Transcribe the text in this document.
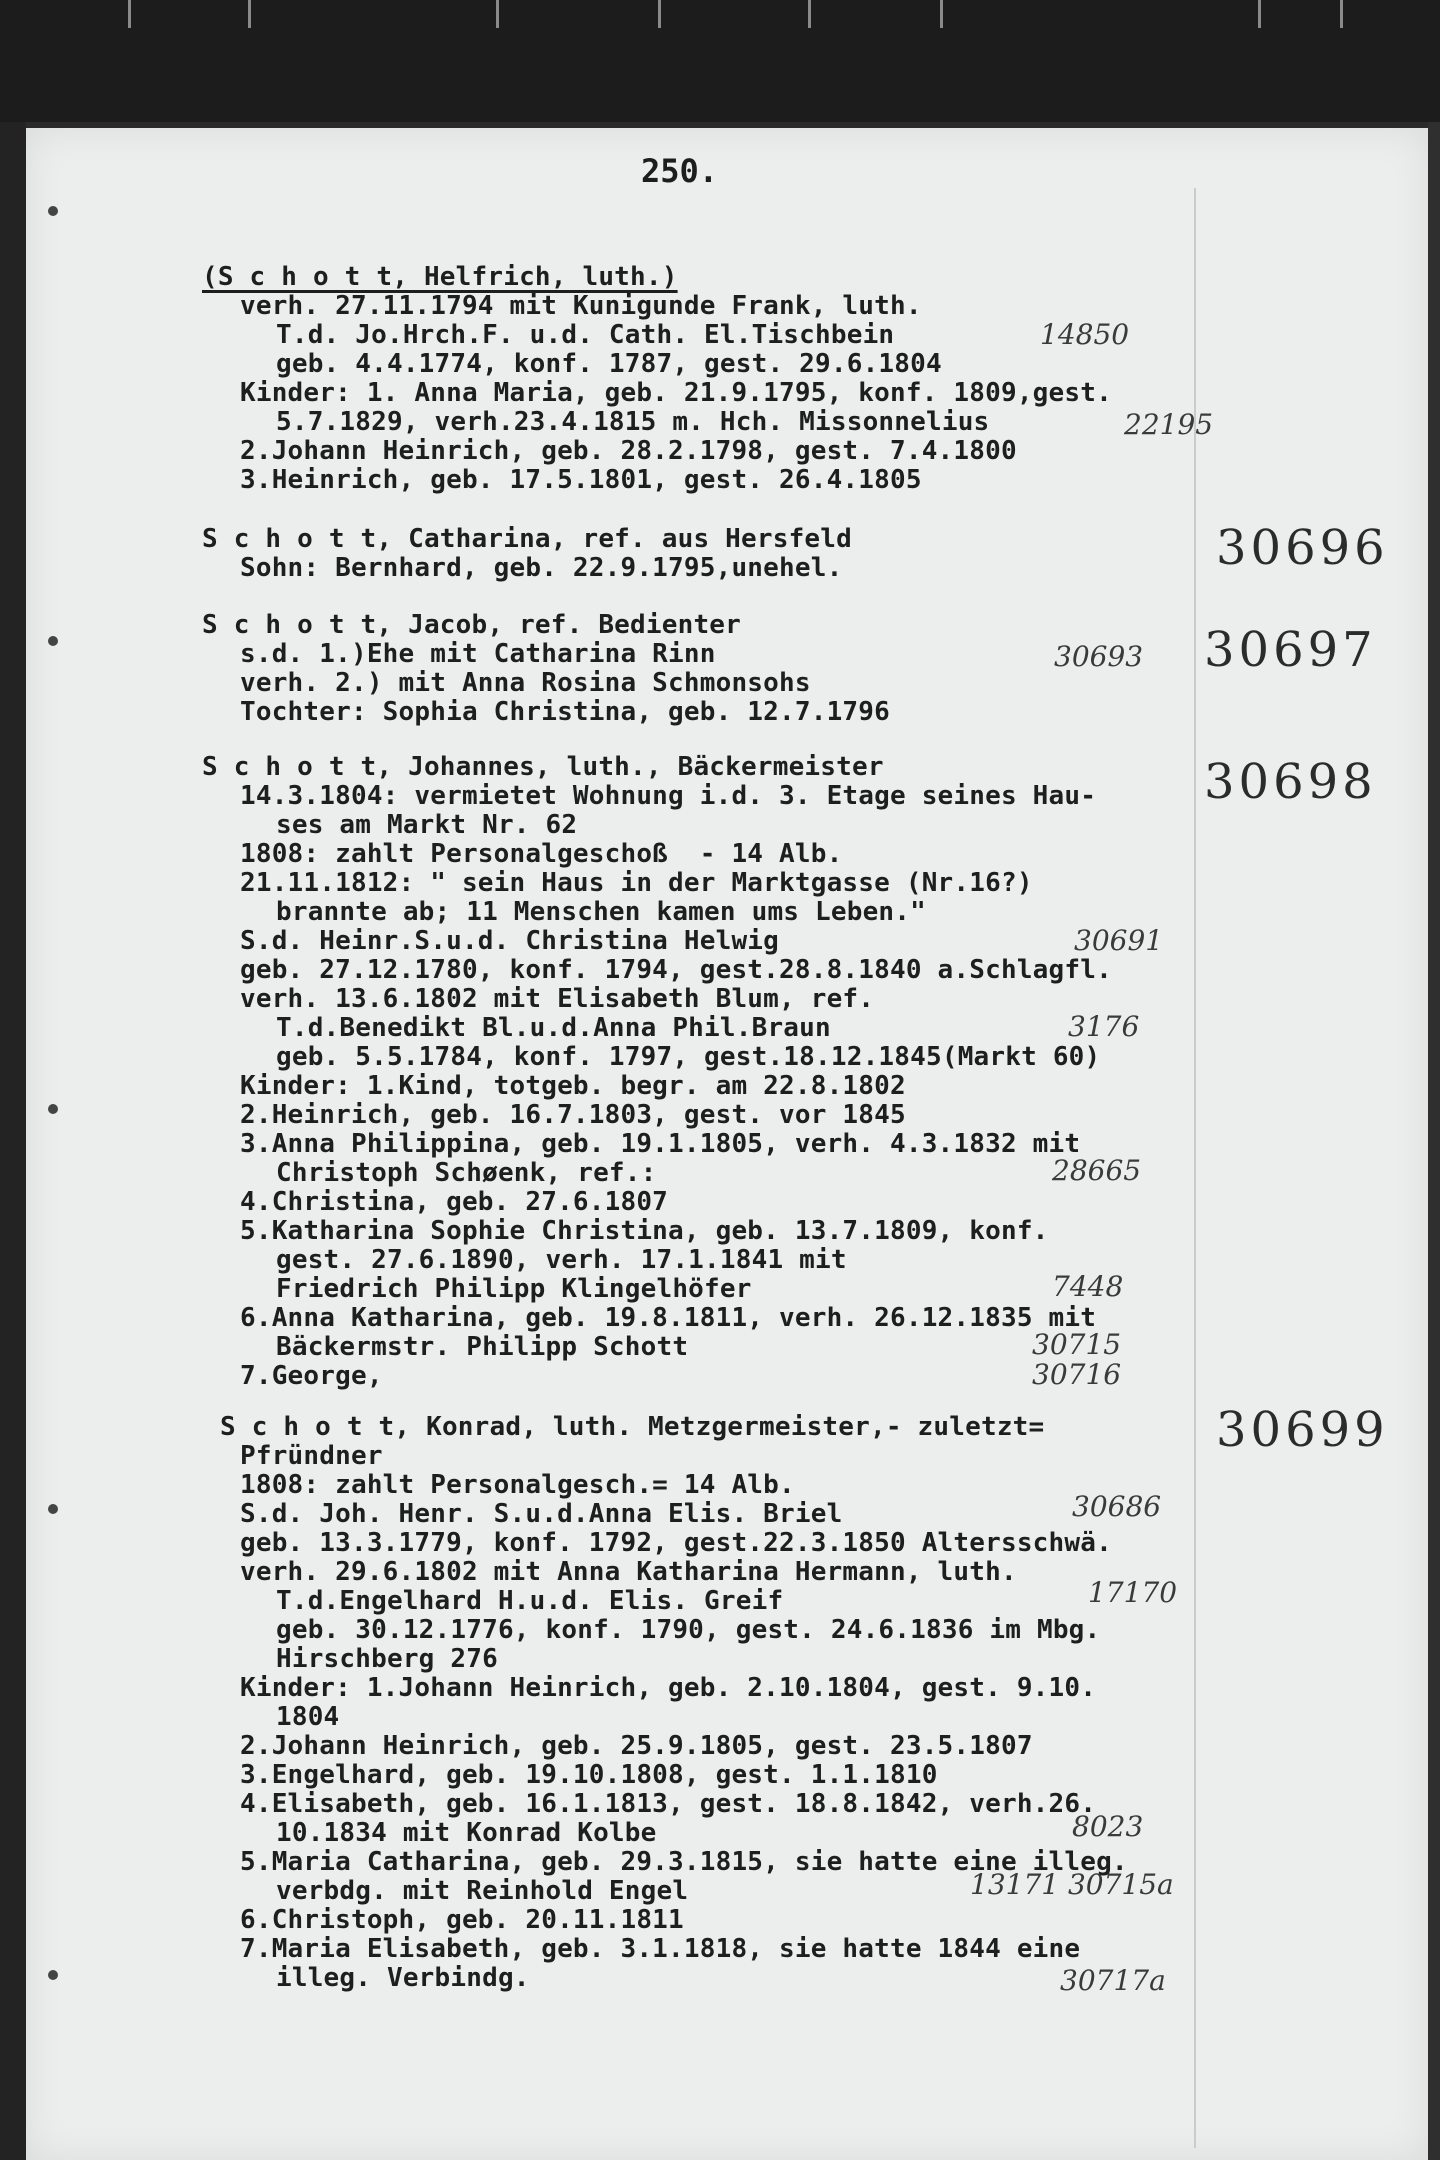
250.
(S c h o t t, Helfrich, luth.)
verh. 27.11.1794 mit Kunigunde Frank, luth.
T.d. Jo.Hrch.F. u.d. Cath. El.Tischbein
geb. 4.4.1774, konf. 1787, gest. 29.6.1804
Kinder: 1. Anna Maria, geb. 21.9.1795, konf. 1809,gest.
5.7.1829, verh.23.4.1815 m. Hch. Missonnelius
2.Johann Heinrich, geb. 28.2.1798, gest. 7.4.1800
3.Heinrich, geb. 17.5.1801, gest. 26.4.1805
14850
22195
S c h o t t, Catharina, ref. aus Hersfeld
Sohn: Bernhard, geb. 22.9.1795,unehel.	30696
S c h o t t, Jacob, ref. Bedienter
s.d. 1.)Ehe mit Catharina Rinn
verh. 2.) mit Anna Rosina Schmonsohs
Tochter: Sophia Christina, geb. 12.7.1796
30693 30697
S c h o t t, Johannes, luth., Bäckermeister
14.3.1804: vermietet Wohnung i.d. 3. Etage seines Hau-
ses am Markt Nr. 62
1808: zahlt Personalgeschoß  - 14 Alb.
21.11.1812: " sein Haus in der Marktgasse (Nr.16?)
brannte ab; 11 Menschen kamen ums Leben."
S.d. Heinr.S.u.d. Christina Helwig
geb. 27.12.1780, konf. 1794, gest.28.8.1840 a.Schlagfl.
verh. 13.6.1802 mit Elisabeth Blum, ref.
T.d.Benedikt Bl.u.d.Anna Phil.Braun
geb. 5.5.1784, konf. 1797, gest.18.12.1845(Markt 60)
Kinder: 1.Kind, totgeb. begr. am 22.8.1802
2.Heinrich, geb. 16.7.1803, gest. vor 1845
3.Anna Philippina, geb. 19.1.1805, verh. 4.3.1832 mit
Christoph Schøenk, ref.:
4.Christina, geb. 27.6.1807
5.Katharina Sophie Christina, geb. 13.7.1809, konf.
gest. 27.6.1890, verh. 17.1.1841 mit
Friedrich Philipp Klingelhöfer
6.Anna Katharina, geb. 19.8.1811, verh. 26.12.1835 mit
Bäckermstr. Philipp Schott
7.George,
30698
30691
3176
28665
7448
30715
30716
S c h o t t, Konrad, luth. Metzgermeister,- zuletzt=
Pfründner
1808: zahlt Personalgesch.= 14 Alb.
S.d. Joh. Henr. S.u.d.Anna Elis. Briel
geb. 13.3.1779, konf. 1792, gest.22.3.1850 Altersschwä.
verh. 29.6.1802 mit Anna Katharina Hermann, luth.
T.d.Engelhard H.u.d. Elis. Greif
geb. 30.12.1776, konf. 1790, gest. 24.6.1836 im Mbg.
Hirschberg 276
Kinder: 1.Johann Heinrich, geb. 2.10.1804, gest. 9.10.
1804
2.Johann Heinrich, geb. 25.9.1805, gest. 23.5.1807
3.Engelhard, geb. 19.10.1808, gest. 1.1.1810
4.Elisabeth, geb. 16.1.1813, gest. 18.8.1842, verh.26.
10.1834 mit Konrad Kolbe
5.Maria Catharina, geb. 29.3.1815, sie hatte eine illeg.
verbdg. mit Reinhold Engel
6.Christoph, geb. 20.11.1811
7.Maria Elisabeth, geb. 3.1.1818, sie hatte 1844 eine
illeg. Verbindg.
30699
30686
17170
8023
13171 30715a
30717a
